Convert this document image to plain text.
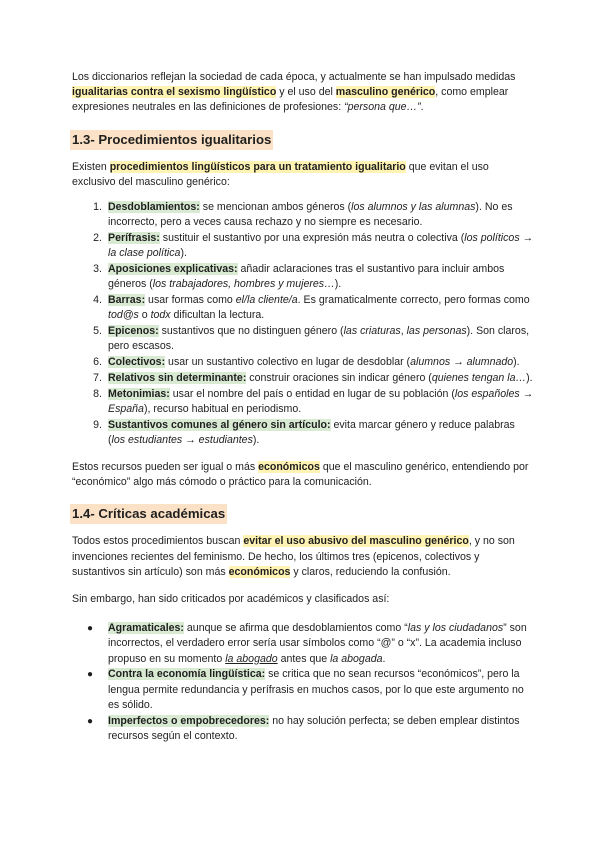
Los diccionarios reflejan la sociedad de cada época, y actualmente se han impulsado medidas igualitarias contra el sexismo lingüístico y el uso del masculino genérico, como emplear expresiones neutrales en las definiciones de profesiones: “persona que…”.

1.3- Procedimientos igualitarios

Existen procedimientos lingüísticos para un tratamiento igualitario que evitan el uso exclusivo del masculino genérico:

1. Desdoblamientos: se mencionan ambos géneros (los alumnos y las alumnas). No es incorrecto, pero a veces causa rechazo y no siempre es necesario.
2. Perífrasis: sustituir el sustantivo por una expresión más neutra o colectiva (los políticos → la clase política).
3. Aposiciones explicativas: añadir aclaraciones tras el sustantivo para incluir ambos géneros (los trabajadores, hombres y mujeres…).
4. Barras: usar formas como el/la cliente/a. Es gramaticalmente correcto, pero formas como tod@s o todx dificultan la lectura.
5. Epicenos: sustantivos que no distinguen género (las criaturas, las personas). Son claros, pero escasos.
6. Colectivos: usar un sustantivo colectivo en lugar de desdoblar (alumnos → alumnado).
7. Relativos sin determinante: construir oraciones sin indicar género (quienes tengan la…).
8. Metonimias: usar el nombre del país o entidad en lugar de su población (los españoles → España), recurso habitual en periodismo.
9. Sustantivos comunes al género sin artículo: evita marcar género y reduce palabras (los estudiantes → estudiantes).

Estos recursos pueden ser igual o más económicos que el masculino genérico, entendiendo por “económico” algo más cómodo o práctico para la comunicación.

1.4- Críticas académicas

Todos estos procedimientos buscan evitar el uso abusivo del masculino genérico, y no son invenciones recientes del feminismo. De hecho, los últimos tres (epicenos, colectivos y sustantivos sin artículo) son más económicos y claros, reduciendo la confusión.

Sin embargo, han sido criticados por académicos y clasificados así:

● Agramaticales: aunque se afirma que desdoblamientos como “las y los ciudadanos” son incorrectos, el verdadero error sería usar símbolos como “@” o “x”. La academia incluso propuso en su momento la abogado antes que la abogada.
● Contra la economía lingüística: se critica que no sean recursos “económicos”, pero la lengua permite redundancia y perífrasis en muchos casos, por lo que este argumento no es sólido.
● Imperfectos o empobrecedores: no hay solución perfecta; se deben emplear distintos recursos según el contexto.
